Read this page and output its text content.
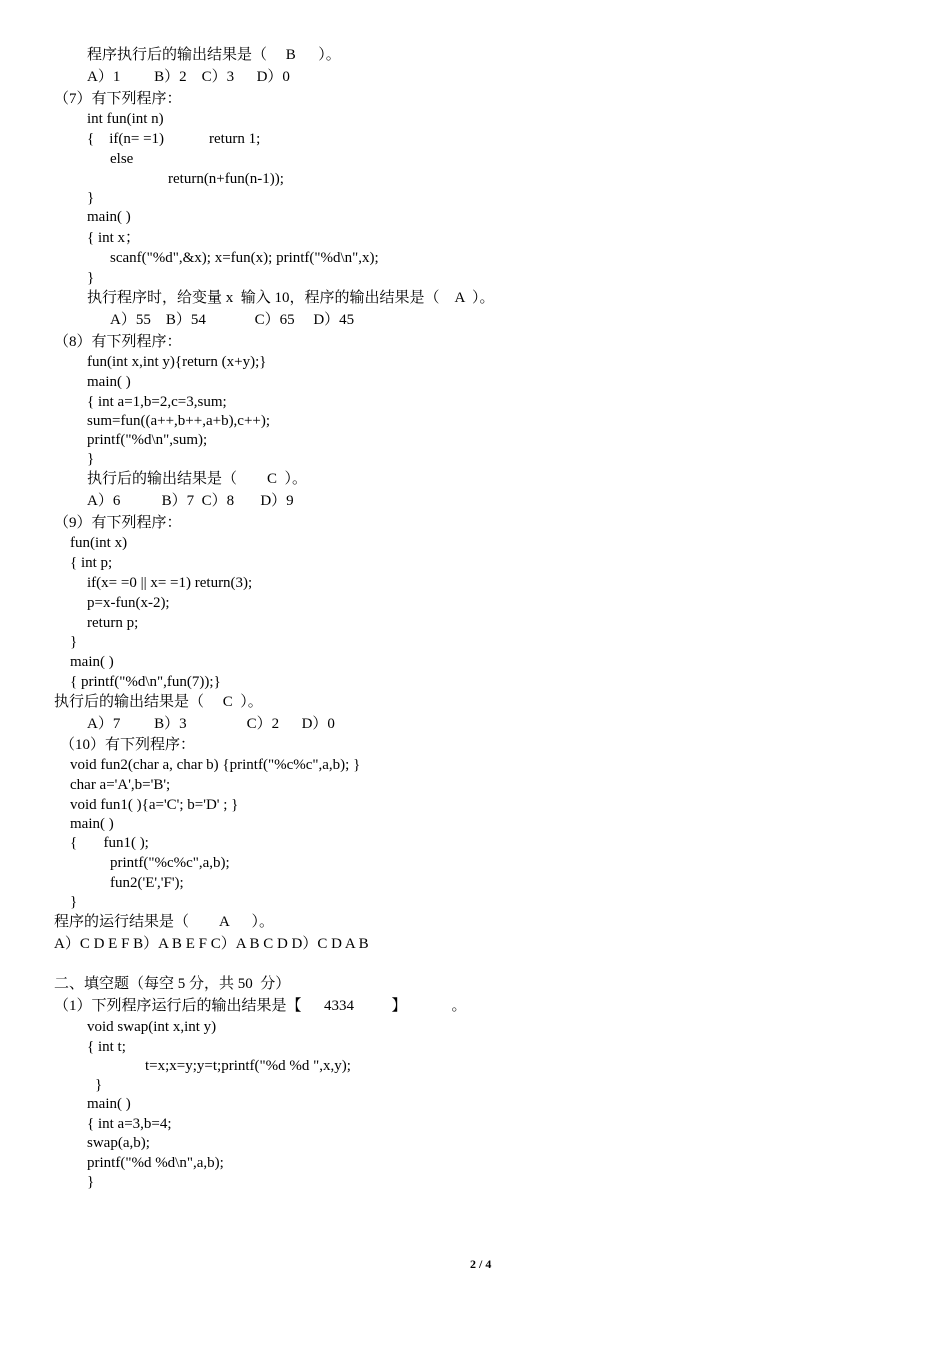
程序执行后的输出结果是（     B      ）。

A）1         B）2    C）3      D）0

（7）有下列程序：

int fun(int n)

{    if(n= =1)            return 1;

else

return(n+fun(n-1));

}

main( )

{ int x；

scanf("%d",&x); x=fun(x); printf("%d\n",x);

}

执行程序时，给变量 x  输入 10，程序的输出结果是（    A  ）。

A）55    B）54             C）65     D）45

（8）有下列程序：

fun(int x,int y){return (x+y);}

main( )

{ int a=1,b=2,c=3,sum;

sum=fun((a++,b++,a+b),c++);

printf("%d\n",sum);

}

执行后的输出结果是（        C  ）。

A）6           B）7  C）8       D）9

（9）有下列程序：

fun(int x)

{ int p;

if(x= =0 || x= =1) return(3);

p=x-fun(x-2);

return p;

}

main( )

{ printf("%d\n",fun(7));}

执行后的输出结果是（     C  ）。

A）7         B）3                C）2      D）0

（10）有下列程序：

void fun2(char a, char b) {printf("%c%c",a,b); }

char a='A',b='B';

void fun1( ){a='C'; b='D' ; }

main( )

{       fun1( );

printf("%c%c",a,b);

fun2('E','F');

}

程序的运行结果是（        A      ）。

A）C D E F B）A B E F C）A B C D D）C D A B

二、填空题（每空 5 分，共 50  分）

（1）下列程序运行后的输出结果是【      4334          】            。

void swap(int x,int y)

{ int t;

t=x;x=y;y=t;printf("%d %d ",x,y);

}

main( )

{ int a=3,b=4;

swap(a,b);

printf("%d %d\n",a,b);

}

2 / 4
